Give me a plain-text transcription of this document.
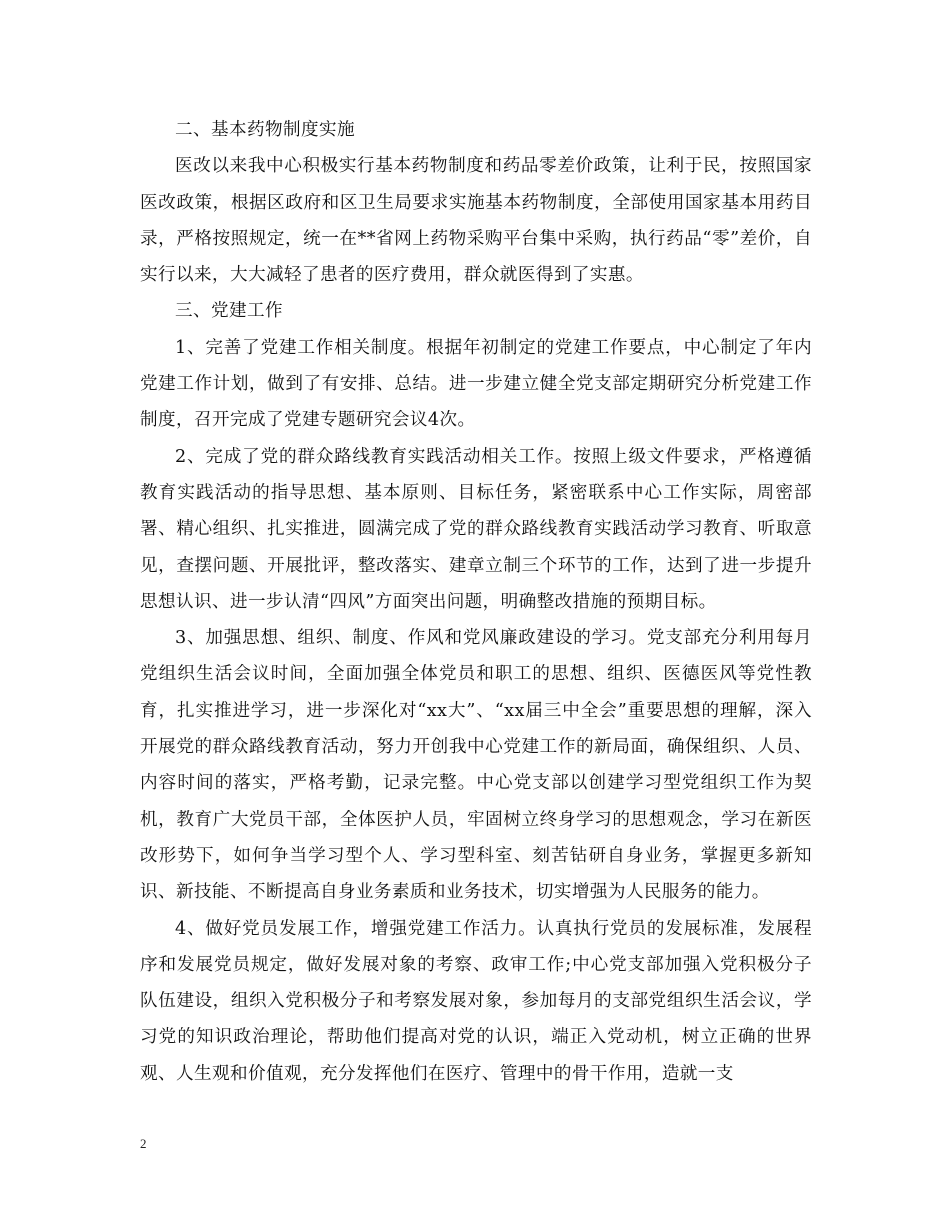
二、基本药物制度实施

医改以来我中心积极实行基本药物制度和药品零差价政策，让利于民，按照国家医改政策，根据区政府和区卫生局要求实施基本药物制度，全部使用国家基本用药目录，严格按照规定，统一在**省网上药物采购平台集中采购，执行药品“零”差价，自实行以来，大大减轻了患者的医疗费用，群众就医得到了实惠。

三、党建工作

1、完善了党建工作相关制度。根据年初制定的党建工作要点，中心制定了年内党建工作计划，做到了有安排、总结。进一步建立健全党支部定期研究分析党建工作制度，召开完成了党建专题研究会议4次。

2、完成了党的群众路线教育实践活动相关工作。按照上级文件要求，严格遵循教育实践活动的指导思想、基本原则、目标任务，紧密联系中心工作实际，周密部署、精心组织、扎实推进，圆满完成了党的群众路线教育实践活动学习教育、听取意见，查摆问题、开展批评，整改落实、建章立制三个环节的工作，达到了进一步提升思想认识、进一步认清“四风”方面突出问题，明确整改措施的预期目标。

3、加强思想、组织、制度、作风和党风廉政建设的学习。党支部充分利用每月党组织生活会议时间，全面加强全体党员和职工的思想、组织、医德医风等党性教育，扎实推进学习，进一步深化对“xx大”、“xx届三中全会”重要思想的理解，深入开展党的群众路线教育活动，努力开创我中心党建工作的新局面，确保组织、人员、内容时间的落实，严格考勤，记录完整。中心党支部以创建学习型党组织工作为契机，教育广大党员干部，全体医护人员，牢固树立终身学习的思想观念，学习在新医改形势下，如何争当学习型个人、学习型科室、刻苦钻研自身业务，掌握更多新知识、新技能、不断提高自身业务素质和业务技术，切实增强为人民服务的能力。

4、做好党员发展工作，增强党建工作活力。认真执行党员的发展标准，发展程序和发展党员规定，做好发展对象的考察、政审工作;中心党支部加强入党积极分子队伍建设，组织入党积极分子和考察发展对象，参加每月的支部党组织生活会议，学习党的知识政治理论，帮助他们提高对党的认识，端正入党动机，树立正确的世界观、人生观和价值观，充分发挥他们在医疗、管理中的骨干作用，造就一支

2
